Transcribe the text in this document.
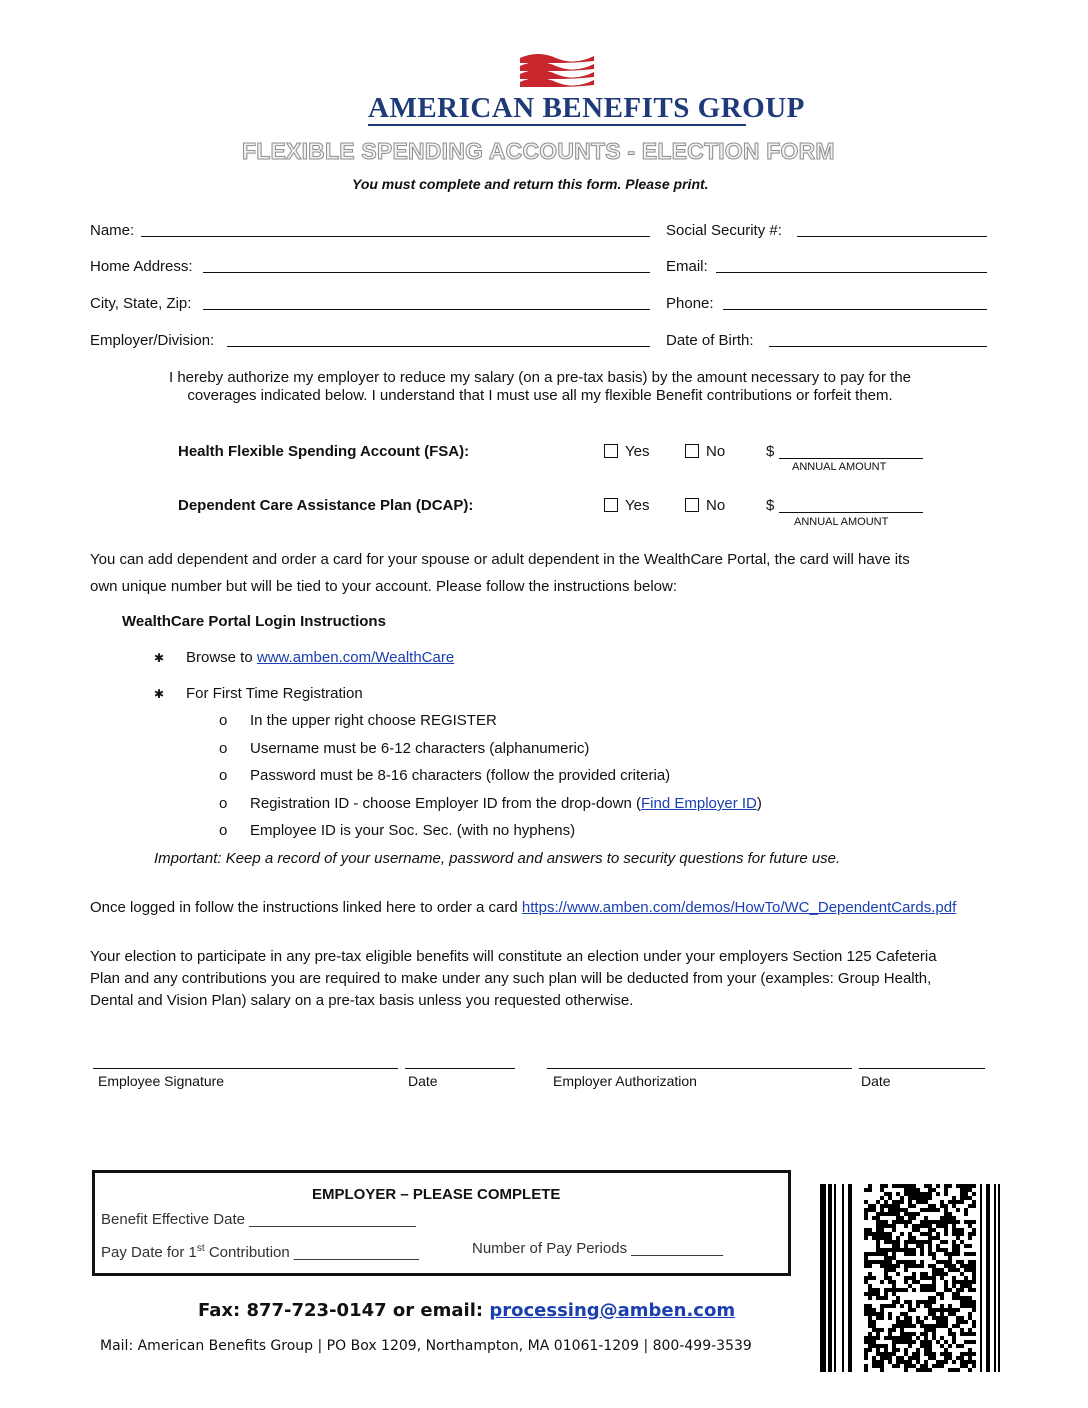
AMERICAN BENEFITS GROUP
FLEXIBLE SPENDING ACCOUNTS - ELECTION FORM
You must complete and return this form. Please print.
Name:	Social Security #:
Home Address:	Email:
City, State, Zip:	Phone:
Employer/Division:	Date of Birth:
I hereby authorize my employer to reduce my salary (on a pre-tax basis) by the amount necessary to pay for the
coverages indicated below. I understand that I must use all my flexible Benefit contributions or forfeit them.
Health Flexible Spending Account (FSA):	Yes	No	$
ANNUAL AMOUNT
Dependent Care Assistance Plan (DCAP):	Yes	No	$
ANNUAL AMOUNT
You can add dependent and order a card for your spouse or adult dependent in the WealthCare Portal, the card will have its
own unique number but will be tied to your account. Please follow the instructions below:
WealthCare Portal Login Instructions
✱ Browse to www.amben.com/WealthCare
✱ For First Time Registration
o In the upper right choose REGISTER
o Username must be 6-12 characters (alphanumeric)
o Password must be 8-16 characters (follow the provided criteria)
o Registration ID - choose Employer ID from the drop-down (Find Employer ID)
o Employee ID is your Soc. Sec. (with no hyphens)
Important: Keep a record of your username, password and answers to security questions for future use.
Once logged in follow the instructions linked here to order a card https://www.amben.com/demos/HowTo/WC_DependentCards.pdf
Your election to participate in any pre-tax eligible benefits will constitute an election under your employers Section 125 Cafeteria
Plan and any contributions you are required to make under any such plan will be deducted from your (examples: Group Health,
Dental and Vision Plan) salary on a pre-tax basis unless you requested otherwise.
Employee Signature	Date	Employer Authorization	Date
EMPLOYER – PLEASE COMPLETE
Benefit Effective Date ____________________
Pay Date for 1st Contribution _______________	Number of Pay Periods ___________
Fax: 877-723-0147 or email: processing@amben.com
Mail: American Benefits Group | PO Box 1209, Northampton, MA 01061-1209 | 800-499-3539
